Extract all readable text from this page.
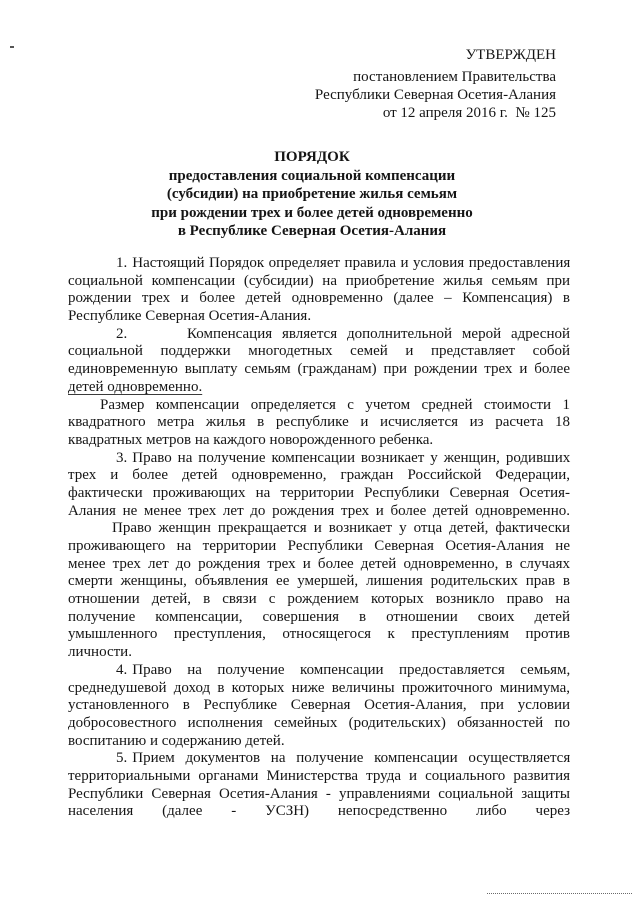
УТВЕРЖДЕН
постановлением Правительства
Республики Северная Осетия-Алания
от 12 апреля 2016 г.  № 125
ПОРЯДОК
предоставления социальной компенсации
(субсидии) на приобретение жилья семьям
при рождении трех и более детей одновременно
в Республике Северная Осетия-Алания
1. Настоящий Порядок определяет правила и условия предоставления
социальной компенсации (субсидии) на приобретение жилья семьям при
рождении трех и более детей одновременно (далее – Компенсация) в
Республике Северная Осетия-Алания.
2.	Компенсация является дополнительной мерой адресной
социальной поддержки многодетных семей и представляет собой
единовременную выплату семьям (гражданам) при рождении трех и более
детей одновременно.
Размер компенсации определяется с учетом средней стоимости 1
квадратного метра жилья в республике и исчисляется из расчета 18
квадратных метров на каждого новорожденного ребенка.
3. Право на получение компенсации возникает у женщин, родивших
трех и более детей одновременно, граждан Российской Федерации,
фактически проживающих на территории Республики Северная Осетия-
Алания не менее трех лет до рождения трех и более детей одновременно.
Право женщин прекращается и возникает у отца детей, фактически
проживающего на территории Республики Северная Осетия-Алания не
менее трех лет до рождения трех и более детей одновременно, в случаях
смерти женщины, объявления ее умершей, лишения родительских прав в
отношении детей, в связи с рождением которых возникло право на
получение компенсации, совершения в отношении своих детей
умышленного преступления, относящегося к преступлениям против
личности.
4. Право на получение компенсации предоставляется семьям,
среднедушевой доход в которых ниже величины прожиточного минимума,
установленного в Республике Северная Осетия-Алания, при условии
добросовестного исполнения семейных (родительских) обязанностей по
воспитанию и содержанию детей.
5. Прием документов на получение компенсации осуществляется
территориальными органами Министерства труда и социального развития
Республики Северная Осетия-Алания - управлениями социальной защиты
населения (далее - УСЗН) непосредственно либо через
